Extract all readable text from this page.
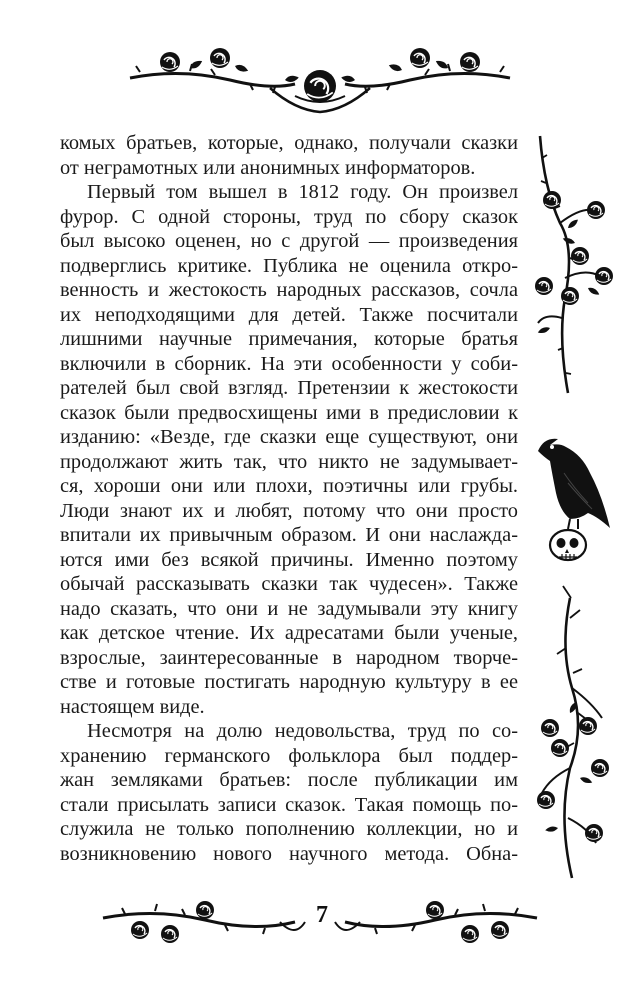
комых братьев, которые, однако, получали сказки
от неграмотных или анонимных информаторов.
Первый том вышел в 1812 году. Он произвел
фурор. С одной стороны, труд по сбору сказок
был высоко оценен, но с другой — произведения
подверглись критике. Публика не оценила откро-
венность и жестокость народных рассказов, сочла
их неподходящими для детей. Также посчитали
лишними научные примечания, которые братья
включили в сборник. На эти особенности у соби-
рателей был свой взгляд. Претензии к жестокости
сказок были предвосхищены ими в предисловии к
изданию: «Везде, где сказки еще существуют, они
продолжают жить так, что никто не задумывает-
ся, хороши они или плохи, поэтичны или грубы.
Люди знают их и любят, потому что они просто
впитали их привычным образом. И они наслажда-
ются ими без всякой причины. Именно поэтому
обычай рассказывать сказки так чудесен». Также
надо сказать, что они и не задумывали эту книгу
как детское чтение. Их адресатами были ученые,
взрослые, заинтересованные в народном творче-
стве и готовые постигать народную культуру в ее
настоящем виде.
Несмотря на долю недовольства, труд по со-
хранению германского фольклора был поддер-
жан земляками братьев: после публикации им
стали присылать записи сказок. Такая помощь по-
служила не только пополнению коллекции, но и
возникновению нового научного метода. Обна-
7
